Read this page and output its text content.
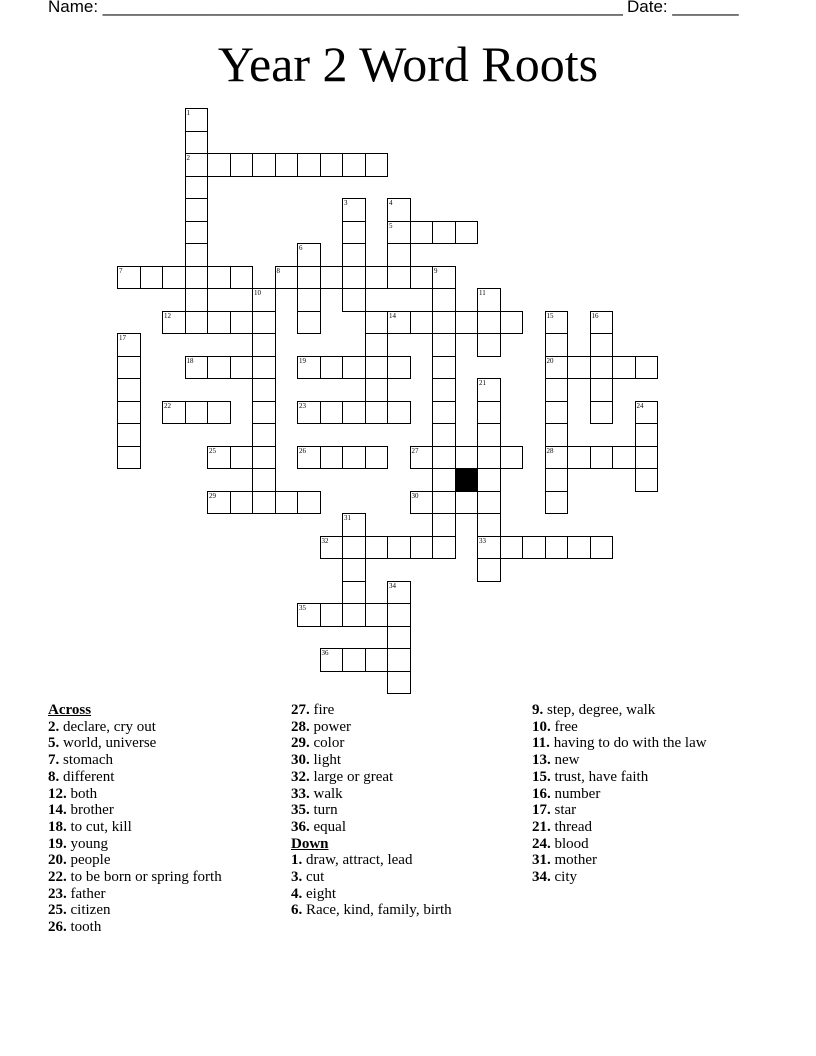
Name: _______________________________________________________ Date: _______
Year 2 Word Roots
2
5
7	8
12	14
18	19	20
22	23
25	26	27	28
29	30
32	33
35
36
1
3	4
6
9
11
10
15	16
17
21
24
31
34
Across
2. declare, cry out
5. world, universe
7. stomach
8. different
12. both
14. brother
18. to cut, kill
19. young
20. people
22. to be born or spring forth
23. father
25. citizen
26. tooth
27. fire
28. power
29. color
30. light
32. large or great
33. walk
35. turn
36. equal
Down
1. draw, attract, lead
3. cut
4. eight
6. Race, kind, family, birth
9. step, degree, walk
10. free
11. having to do with the law
13. new
15. trust, have faith
16. number
17. star
21. thread
24. blood
31. mother
34. city
